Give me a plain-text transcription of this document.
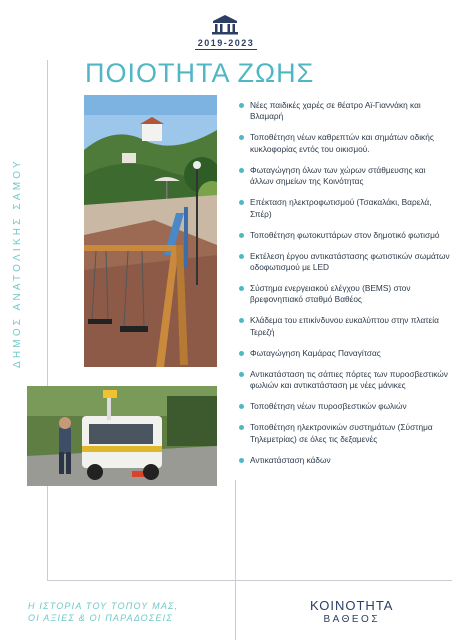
2019-2023
ΔΗΜΟΣ ΑΝΑΤΟΛΙΚΗΣ ΣΑΜΟΥ
ΠΟΙΟΤΗΤΑ ΖΩΗΣ
Νέες παιδικές χαρές σε θέατρο Αϊ-Γιαννάκη και Βλαμαρή
Τοποθέτηση νέων καθρεπτών και σημάτων οδικής κυκλοφορίας εντός του οικισμού.
Φωταγώγηση όλων των χώρων στάθμευσης και άλλων σημείων της Κοινότητας
Επέκταση ηλεκτροφωτισμού (Τσακαλάκι, Βαρελά, Σπέρ)
Τοποθέτηση φωτοκυττάρων στον δημοτικό φωτισμό
Εκτέλεση έργου αντικατάστασης φωτιστικών σωμάτων οδοφωτισμού με LED
Σύστημα ενεργειακού ελέγχου (BEMS) στον βρεφονηπιακό σταθμό Βαθέος
Κλάδεμα του επικίνδυνου ευκαλύπτου στην πλατεία Τερεζή
Φωταγώγηση Καμάρας Παναγίτσας
Αντικατάσταση τις σάπιες πόρτες των πυροσβεστικών φωλιών και αντικατάσταση με νέες μάνικες
Τοποθέτηση νέων πυροσβεστικών φωλιών
Τοποθέτηση ηλεκτρονικών συστημάτων (Σύστημα Τηλεμετρίας) σε όλες τις δεξαμενές
Αντικατάσταση κάδων
Η ΙΣΤΟΡΙΑ ΤΟΥ ΤΟΠΟΥ ΜΑΣ,
ΟΙ ΑΞΙΕΣ & ΟΙ ΠΑΡΑΔΟΣΕΙΣ
ΚΟΙΝΟΤΗΤΑ
ΒΑΘΕΟΣ
